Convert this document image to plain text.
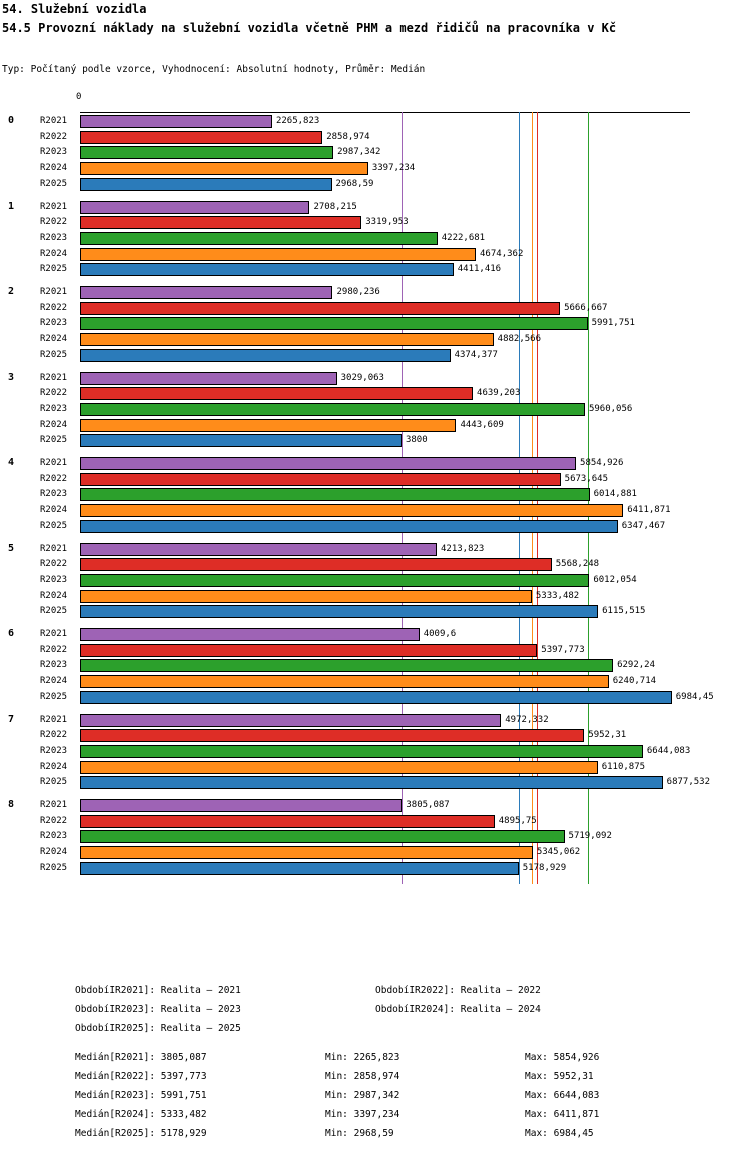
54. Služební vozidla
54.5 Provozní náklady na služební vozidla včetně PHM a mezd řidičů na pracovníka v Kč
Typ: Počítaný podle vzorce, Vyhodnocení: Absolutní hodnoty, Průměr: Medián
0
0	R2021	2265,823
R2022	2858,974
R2023	2987,342
R2024	3397,234
R2025	2968,59
1	R2021	2708,215
R2022	3319,953
R2023	4222,681
R2024	4674,362
R2025	4411,416
2	R2021	2980,236
R2022	5666,667
R2023	5991,751
R2024	4882,566
R2025	4374,377
3	R2021	3029,063
R2022	4639,203
R2023	5960,056
R2024	4443,609
R2025	3800
4	R2021	5854,926
R2022	5673,645
R2023	6014,881
R2024	6411,871
R2025	6347,467
5	R2021	4213,823
R2022	5568,248
R2023	6012,054
R2024	5333,482
R2025	6115,515
6	R2021	4009,6
R2022	5397,773
R2023	6292,24
R2024	6240,714
R2025	6984,45
7	R2021	4972,332
R2022	5952,31
R2023	6644,083
R2024	6110,875
R2025	6877,532
8	R2021	3805,087
R2022	4895,75
R2023	5719,092
R2024	5345,062
R2025	5178,929
ObdobíIR2021]: Realita – 2021	ObdobíIR2022]: Realita – 2022
ObdobíIR2023]: Realita – 2023	ObdobíIR2024]: Realita – 2024
ObdobíIR2025]: Realita – 2025
Medián[R2021]: 3805,087	Min: 2265,823	Max: 5854,926
Medián[R2022]: 5397,773	Min: 2858,974	Max: 5952,31
Medián[R2023]: 5991,751	Min: 2987,342	Max: 6644,083
Medián[R2024]: 5333,482	Min: 3397,234	Max: 6411,871
Medián[R2025]: 5178,929	Min: 2968,59	Max: 6984,45
